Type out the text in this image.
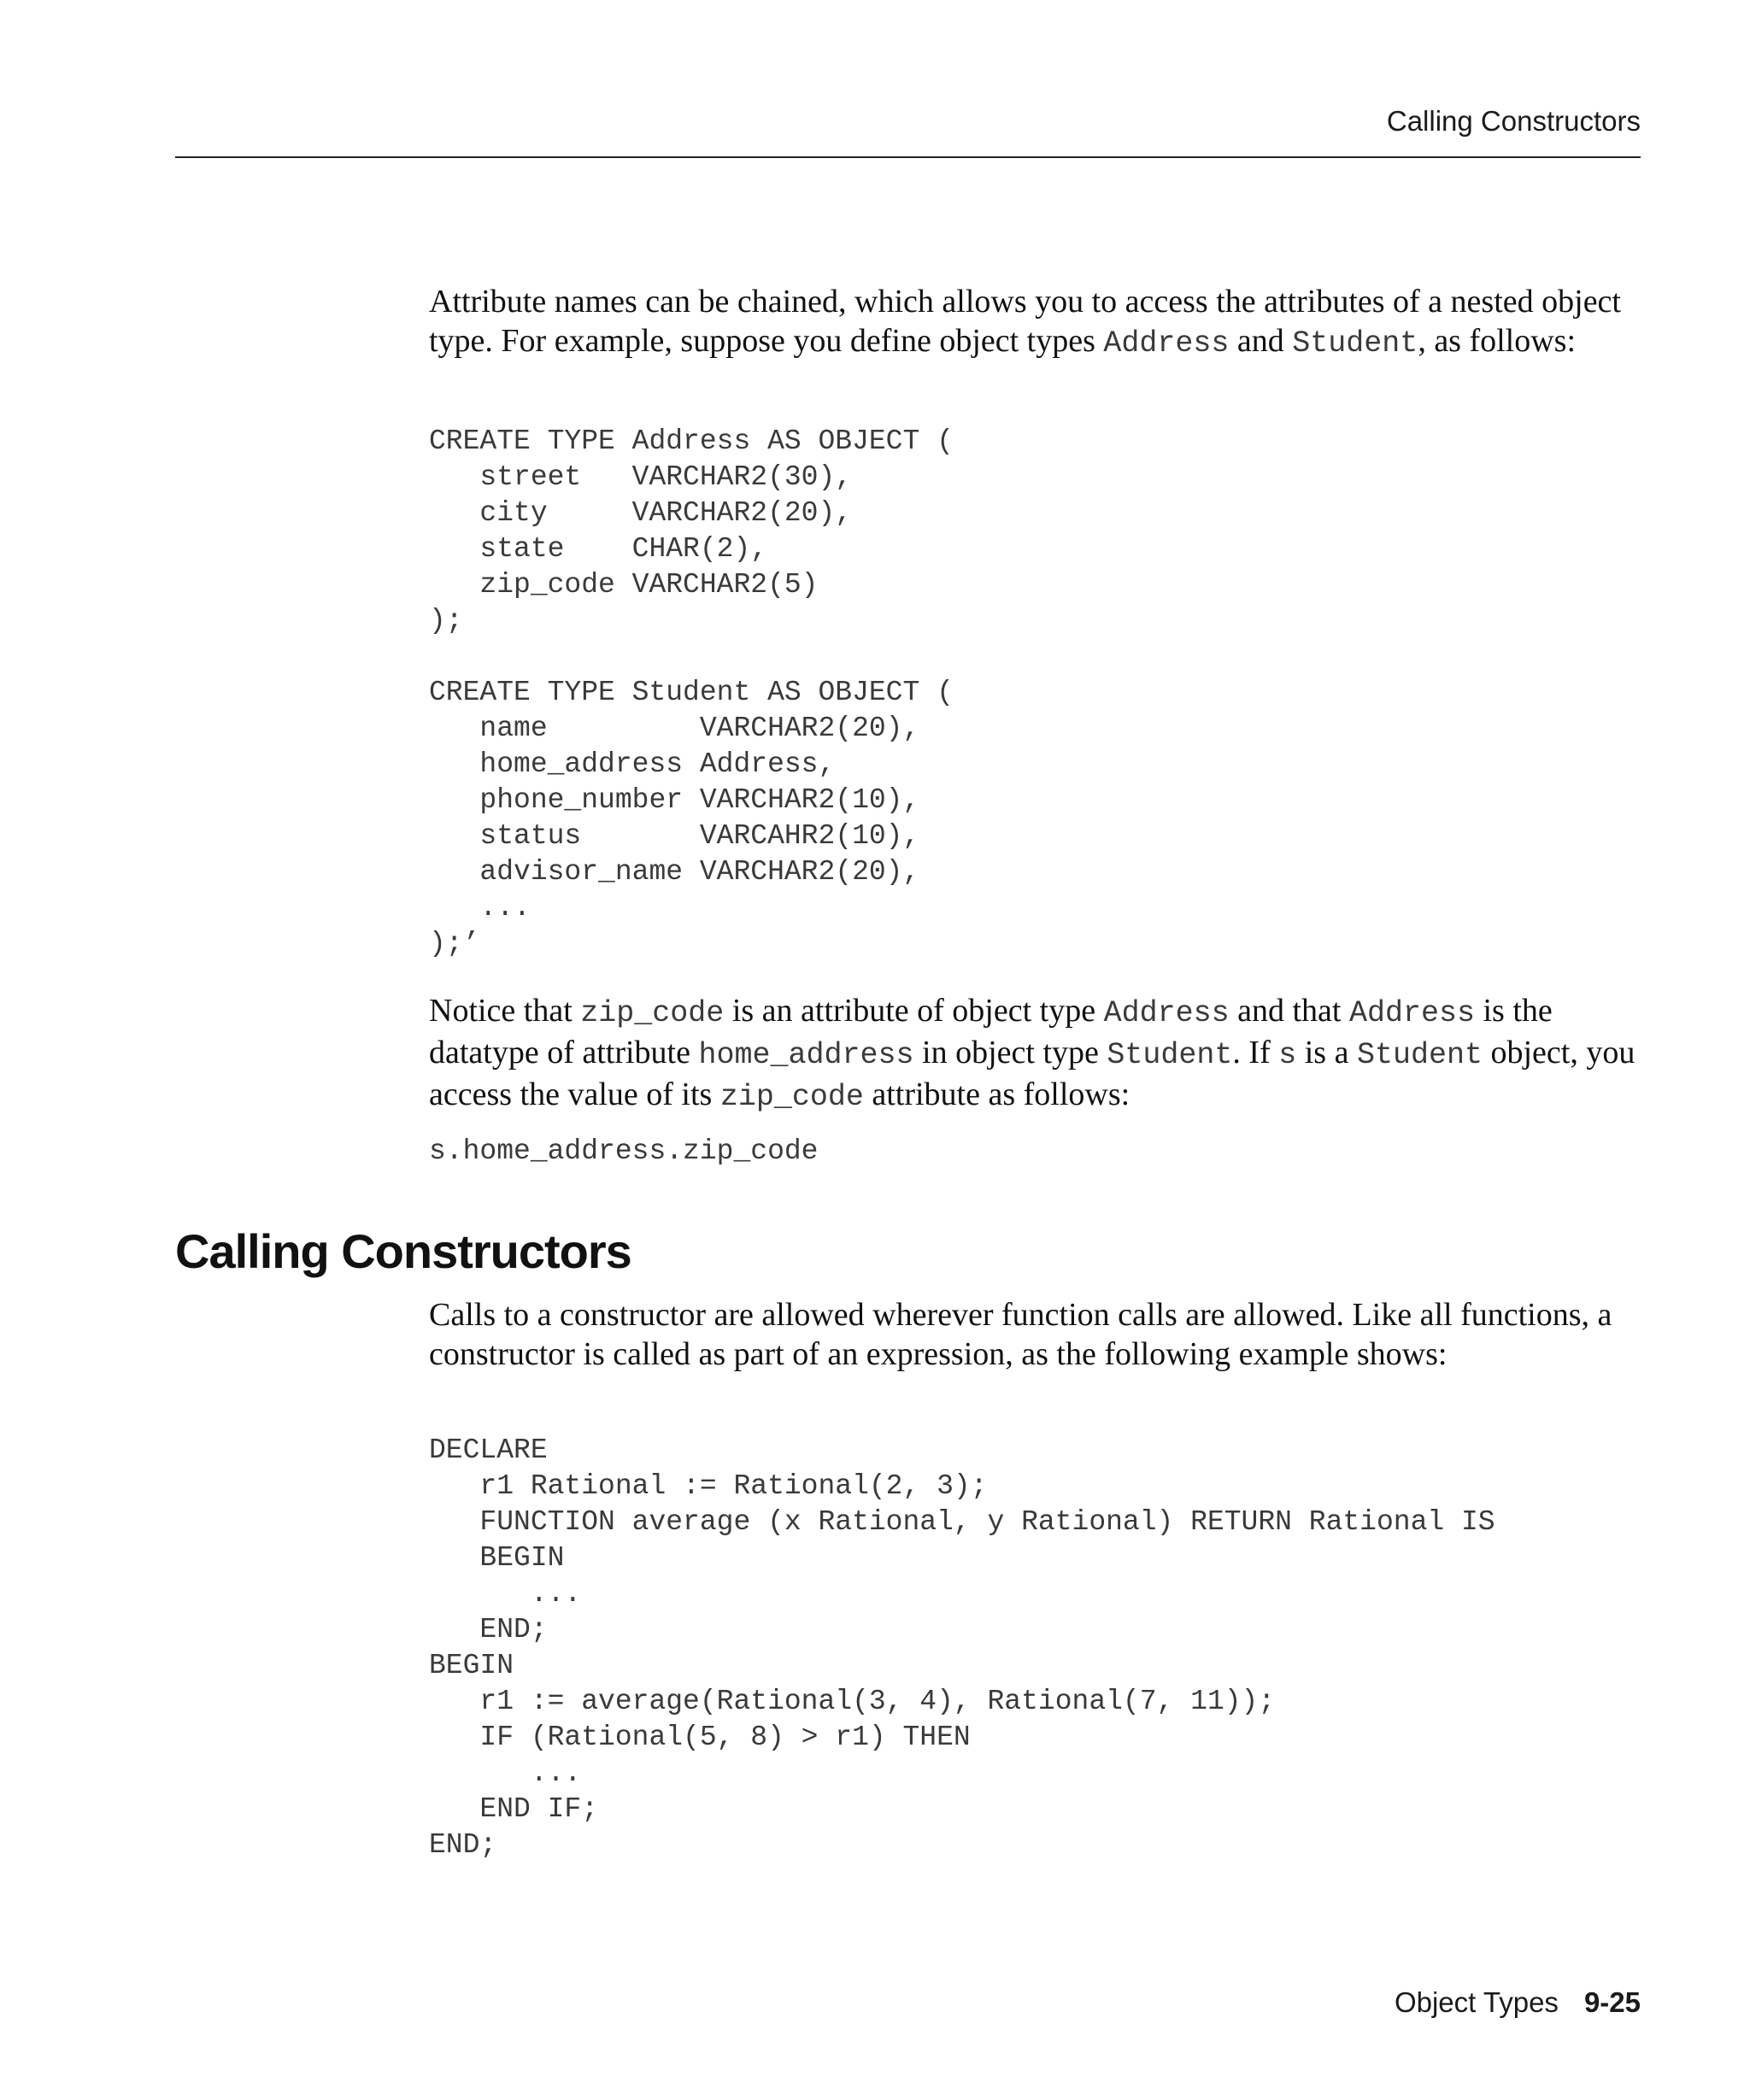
Calling Constructors

Attribute names can be chained, which allows you to access the attributes of a nested object type. For example, suppose you define object types Address and Student, as follows:

CREATE TYPE Address AS OBJECT (
street   VARCHAR2(30),
city     VARCHAR2(20),
state    CHAR(2),
zip_code VARCHAR2(5)
);

CREATE TYPE Student AS OBJECT (
name         VARCHAR2(20),
home_address Address,
phone_number VARCHAR2(10),
status       VARCAHR2(10),
advisor_name VARCHAR2(20),
...
);’

Notice that zip_code is an attribute of object type Address and that Address is the datatype of attribute home_address in object type Student. If s is a Student object, you access the value of its zip_code attribute as follows:

s.home_address.zip_code
Calling Constructors

Calls to a constructor are allowed wherever function calls are allowed. Like all functions, a constructor is called as part of an expression, as the following example shows:

DECLARE
r1 Rational := Rational(2, 3);
FUNCTION average (x Rational, y Rational) RETURN Rational IS
BEGIN
...
END;
BEGIN
r1 := average(Rational(3, 4), Rational(7, 11));
IF (Rational(5, 8) > r1) THEN
...
END IF;
END;
Object Types 9-25
